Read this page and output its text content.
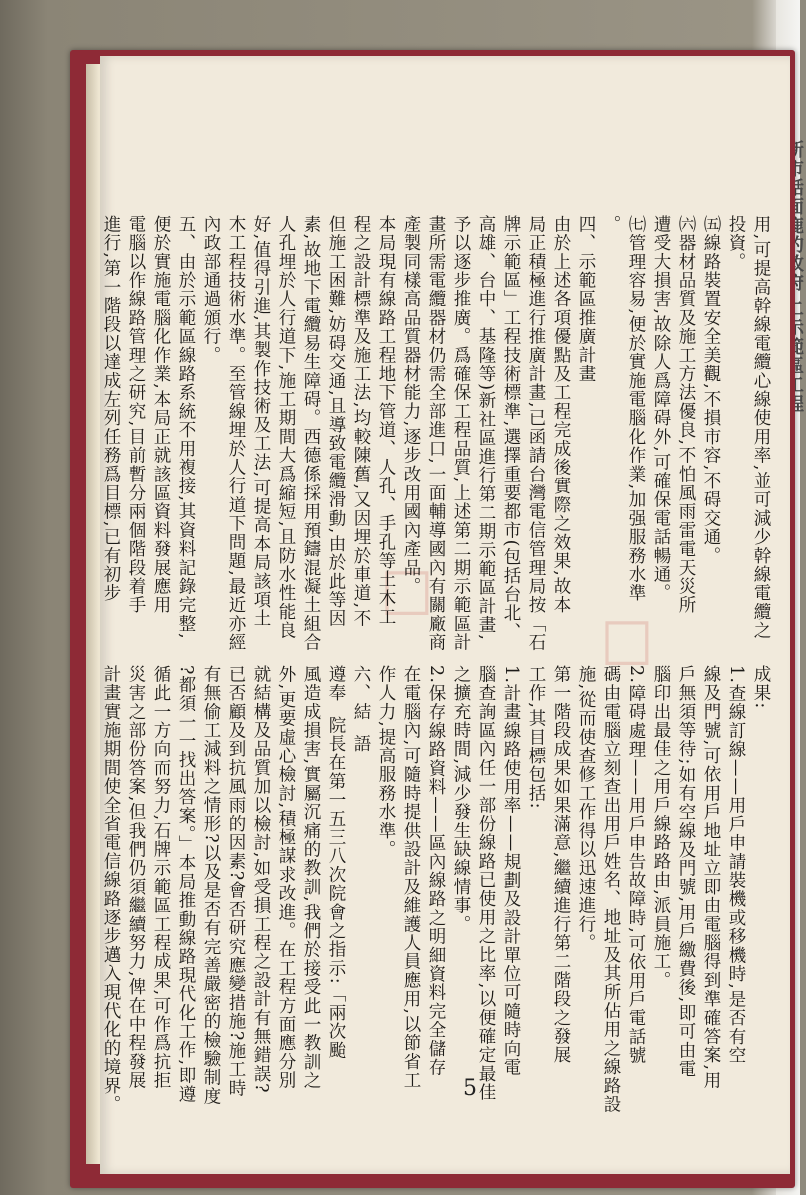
☐
☐
用,可提高幹線電纜心線使用率,並可減少幹線電纜之
投資。
㈤線路裝置安全美觀,不損市容,不碍交通。
㈥器材品質及施工方法優良,不怕風雨雷電天災所
遭受大損害,故除人爲障碍外,可確保電話暢通。
㈦管理容易,便於實施電腦化作業,加强服務水準
。
四、示範區推廣計畫
由於上述各項優點及工程完成後實際之效果,故本
局正積極進行推廣計畫,已函請台灣電信管理局按「石
牌示範區」工程技術標準,選擇重要都市(包括台北、
高雄、台中、基隆等)新社區進行第二期示範區計畫,
予以逐步推廣。爲確保工程品質,上述第二期示範區計
畫所需電纜器材仍需全部進口,一面輔導國內有關廠商
產製同樣高品質器材能力,逐步改用國內產品。
本局現有線路工程地下管道、人孔、手孔等土木工
程之設計標準及施工法,均較陳舊,又因埋於車道,不
但施工困難,妨碍交通,且導致電纜滑動,由於此等因
素,故地下電纜易生障碍。西德係採用預鑄混凝土組合
人孔埋於人行道下,施工期間大爲縮短,且防水性能良
好,值得引進,其製作技術及工法,可提高本局該項土
木工程技術水準。至管線埋於人行道下問題,最近亦經
內政部通過頒行。
五、由於示範區線路系統不用複接,其資料記錄完整,
便於實施電腦化作業,本局正就該區資料發展應用
電腦以作線路管理之研究,目前暫分兩個階段着手
進行,第一階段以達成左列任務爲目標,已有初步
成果:
1.查線訂線——用戶申請裝機或移機時,是否有空
線及門號,可依用戶地址立即由電腦得到準確答案,用
戶無須等待;如有空線及門號,用戶繳費後,即可由電
腦印出最佳之用戶線路路由,派員施工。
2.障碍處理——用戶申告故障時,可依用戶電話號
碼由電腦立刻查出用戶姓名、地址及其所佔用之線路設
施,從而使查修工作得以迅速進行。
第一階段成果如果滿意,繼續進行第二階段之發展
工作,其目標包括:
1.計畫線路使用率——規劃及設計單位可隨時向電
腦查詢區內任一部份線路已使用之比率,以便確定最佳
之擴充時間,減少發生缺線情事。
2.保存線路資料——區內線路之明細資料完全儲存
在電腦內,可隨時提供設計及維護人員應用,以節省工
作人力,提高服務水準。
六、結  語
遵奉  院長在第一五三八次院會之指示:「兩次颱
風造成損害,實屬沉痛的教訓,我們於接受此一教訓之
外,更要虛心檢討,積極謀求改進。在工程方面應分別
就結構及品質加以檢討,如受損工程之設計有無錯誤?
已否顧及到抗風雨的因素?會否研究應變措施?施工時
有無偷工減料之情形?以及是否有完善嚴密的檢驗制度
?都須一一找出答案。」本局推動線路現代化工作,即遵
循此一方向而努力,石牌示範區工程成果,可作爲抗拒
災害之部份答案,但我們仍須繼續努力,俾在中程發展
計畫實施期間使全省電信線路逐步邁入現代化的境界。	5
